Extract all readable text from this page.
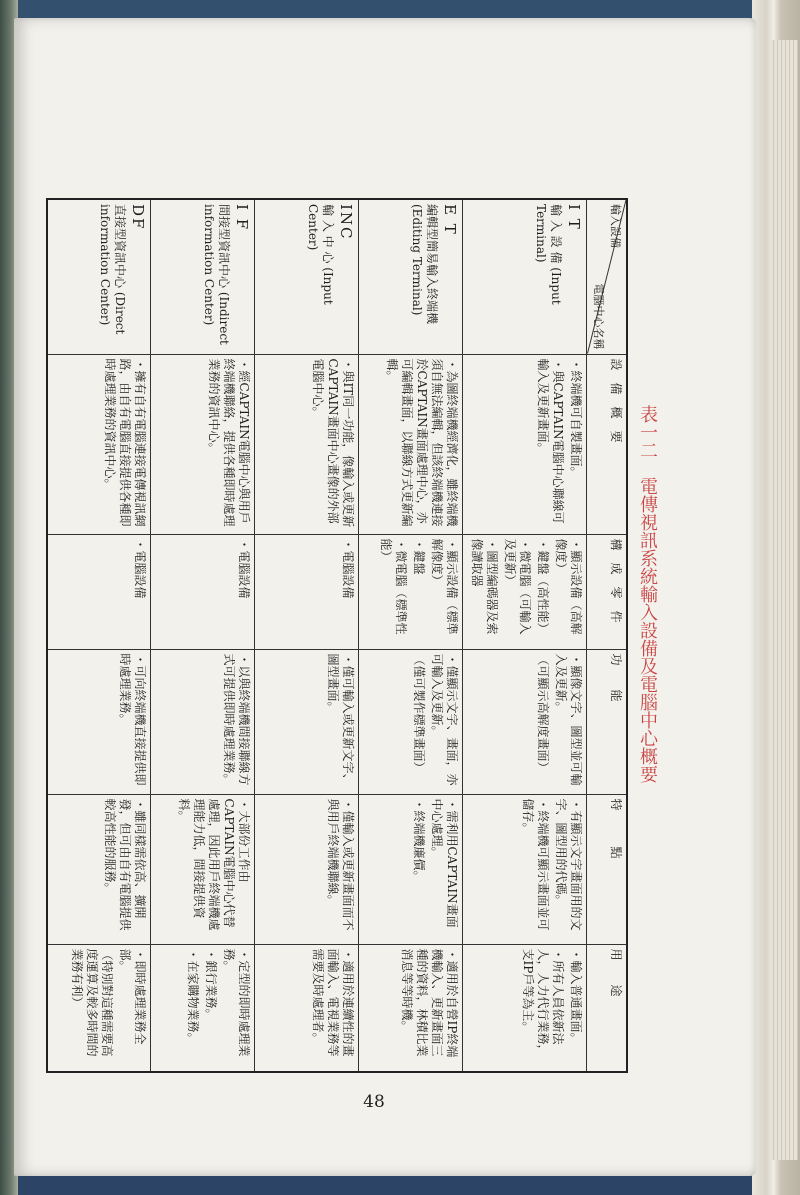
表一二　電傳視訊系統輸入設備及電腦中心概要
輸入設備
電腦中心名稱	設　備　概　要	構　成　零　件	功　　能	特　　　點	用　　途

I T
輸 入 設 備 (Input Terminal)	・終端機可自製畫面。
・與CAPTAIN電腦中心聯線可輸入及更新畫面。	・顯示設備（高解像度）
・鍵盤（高性能）
・微電腦（可輸入及更新）
・圖型編碼器及索像讀取器	・顯像文字、圖型並可輸入及更新。
（可顯示高解度畫面）	・有顯示文字畫面用的文字、圖型用的代碼。
・終端機可顯示畫面並可儲存。	・輸入普通畫面。
・所有人員依新法人，人力代行業務，支IP戶等為主。

E T
編輯型簡易輸入終端機 (Editing Terminal)	・為圖終端機經濟化，雖終端機須自無法編輯，但該終端機連接於CAPTAIN畫面處理中心，亦可編輯畫面，以聯線方式更新編輯。	・顯示設備（標準解像度）
・鍵盤
・微電腦（標準性能）	・僅顯示文字、畫面，亦可輸入及更新。
（僅可製作標準畫面）	・需利用CAPTAIN畫面中心處理。
・終端機廉價。	・適用於自營IP終端機輸入、更新畫面三種的資料，林積比業消息等等時機。

INC
輸 入 中 心 (Input Center)	・與IT同一功能，像輸入或更新CAPTAIN畫面中心畫像的外部電腦中心。	・電腦設備	・僅可輸入或更新文字、圖型畫面。	・僅輸入或更新畫面而不與用戶終端機聯線。	・適用於連續性的畫面輸入、電視業務等需要及時處理者。

I F
間接型資訊中心 (Indirect information Center)	・經CAPTAIN電腦中心與用戶終端機聯絡，提供各種即時處理業務的資訊中心。	・電腦設備	・以與終端機間接聯線方式可提供即時處理業務。	・大部份工作由CAPTAIN電腦中心代替處理，因此用戶終端機處理能力低，間接提供資料。	・定型的即時處理業務。
・銀行業務。
・在家購物業務。

DF
直接型資訊中心 (Direct information Center)	・擁有自有電腦連接電傳視訊網路，由自有電腦直接提供各種即時處理業務的資訊中心。	・電腦設備	・可向終端機直接提供即時處理業務。	・雖同樣需依高、擴開發，但可由自有電腦提供較高性能的服務。	・即時處理業務全部。
（特別對這種需要高度運算及較多時間的業務有利）
48
